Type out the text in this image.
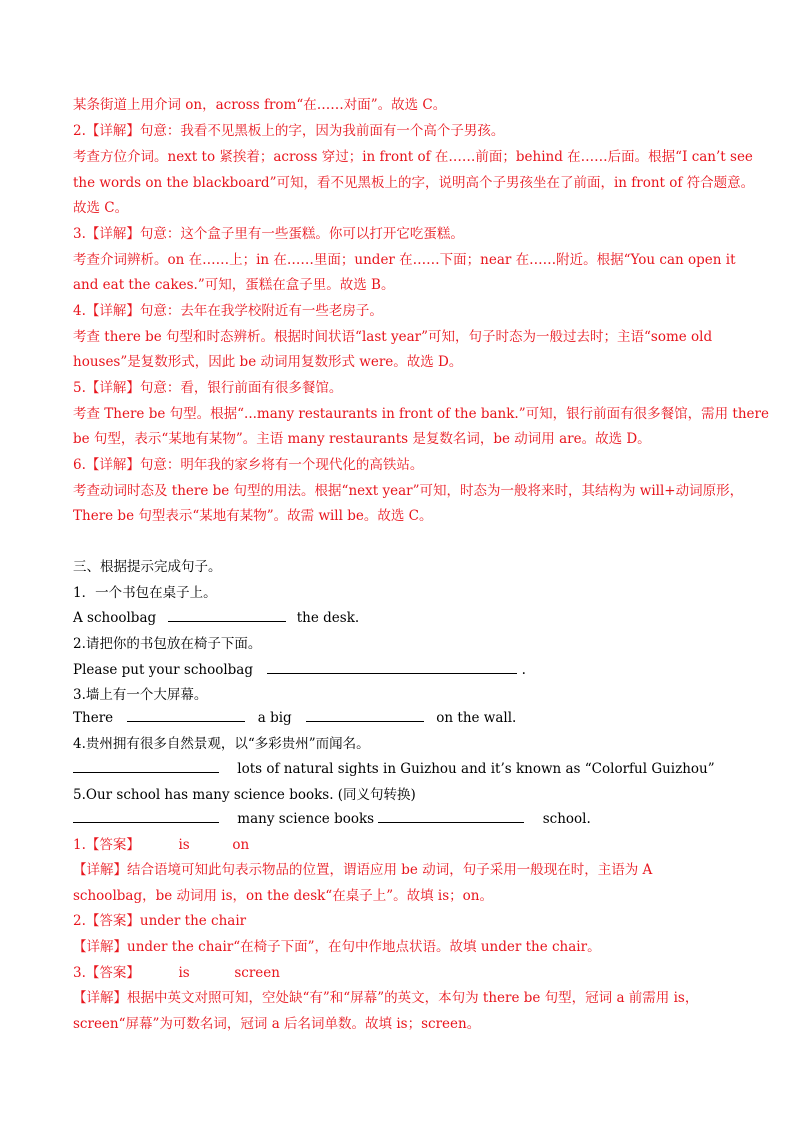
某条街道上用介词 on，across from“在……对面”。故选 C。
2.【详解】句意：我看不见黑板上的字，因为我前面有一个高个子男孩。
考查方位介词。next to 紧挨着；across 穿过；in front of 在……前面；behind 在……后面。根据“I can’t see
the words on the blackboard”可知，看不见黑板上的字，说明高个子男孩坐在了前面，in front of 符合题意。
故选 C。
3.【详解】句意：这个盒子里有一些蛋糕。你可以打开它吃蛋糕。
考查介词辨析。on 在……上；in 在……里面；under 在……下面；near 在……附近。根据“You can open it
and eat the cakes.”可知，蛋糕在盒子里。故选 B。
4.【详解】句意：去年在我学校附近有一些老房子。
考查 there be 句型和时态辨析。根据时间状语“last year”可知，句子时态为一般过去时；主语“some old
houses”是复数形式，因此 be 动词用复数形式 were。故选 D。
5.【详解】句意：看，银行前面有很多餐馆。
考查 There be 句型。根据“...many restaurants in front of the bank.”可知，银行前面有很多餐馆，需用 there
be 句型，表示“某地有某物”。主语 many restaurants 是复数名词，be 动词用 are。故选 D。
6.【详解】句意：明年我的家乡将有一个现代化的高铁站。
考查动词时态及 there be 句型的用法。根据“next year”可知，时态为一般将来时，其结构为 will+动词原形，
There be 句型表示“某地有某物”。故需 will be。故选 C。
三、根据提示完成句子。
1．一个书包在桌子上。
A schoolbag	the desk.
2.请把你的书包放在椅子下面。
Please put your schoolbag	.
3.墙上有一个大屏幕。
There	a big	on the wall.
4.贵州拥有很多自然景观，以“多彩贵州”而闻名。
lots of natural sights in Guizhou and it’s known as “Colorful Guizhou”
5.Our school has many science books. (同义句转换)
many science books	school.
1.【答案】	is	on
【详解】结合语境可知此句表示物品的位置，谓语应用 be 动词，句子采用一般现在时，主语为 A
schoolbag，be 动词用 is，on the desk“在桌子上”。故填 is；on。
2.【答案】under the chair
【详解】under the chair“在椅子下面”，在句中作地点状语。故填 under the chair。
3.【答案】	is	screen
【详解】根据中英文对照可知，空处缺“有”和“屏幕”的英文，本句为 there be 句型，冠词 a 前需用 is，
screen“屏幕”为可数名词，冠词 a 后名词单数。故填 is；screen。
